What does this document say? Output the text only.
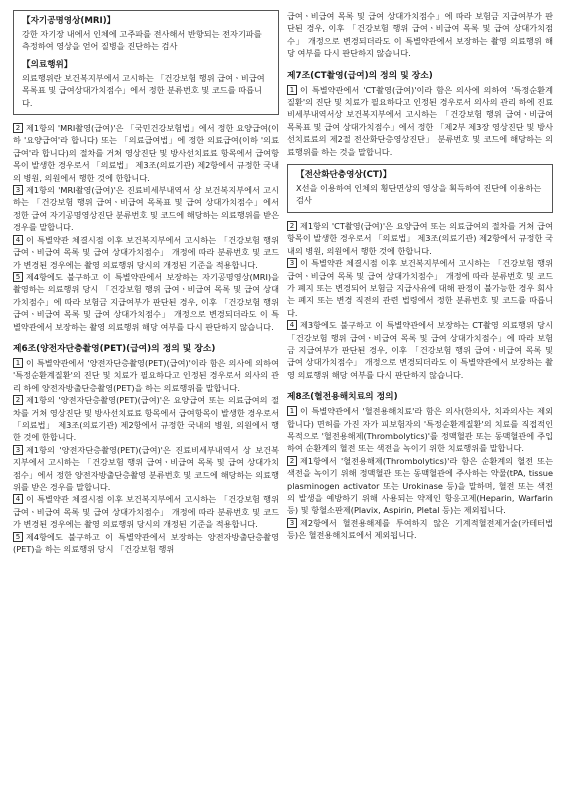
【자기공명영상(MRI)】

강한 자기장 내에서 인체에 고주파를 전사해서 반향되는 전자기파를 측정하여 영상을 얻어 질병을 진단하는 검사

【의료행위】

의료행위란 보건복지부에서 고시하는 「건강보험 행위 급여ㆍ비급여 목록표 및 급여상대가치점수」에서 정한 분류번호 및 코드를 따릅니다.

2 제1항의 'MRI촬영(급여)'은 「국민건강보험법」에서 정한 요양급여(이하 '요양급여'라 합니다) 또는 「의료급여법」에 정한 의료급여(이하 '의료급여'라 합니다)의 절차를 거쳐 영상진단 및 방사선치료료 항목에서 급여항목이 발생한 경우로서 「의료법」 제3조(의료기관) 제2항에서 규정한 국내의 병원, 의원에서 행한 것에 한합니다.

3 제1항의 'MRI촬영(급여)'은 진료비세부내역서 상 보건복지부에서 고시하는 「건강보험 행위 급여ㆍ비급여 목록표 및 급여 상대가치점수」에서 정한 급여 자기공명영상진단 분류번호 및 코드에 해당하는 의료행위를 받은 경우를 말합니다.

4 이 특별약관 체결시점 이후 보건복지부에서 고시하는 「건강보험 행위 급여ㆍ비급여 목록 및 급여 상대가치점수」 개정에 따라 분류번호 및 코드가 변경된 경우에는 촬영 의료행위 당시의 개정된 기준을 적용합니다.

5 제4항에도 불구하고 이 특별약관에서 보장하는 자기공명영상(MRI)을 촬영하는 의료행위 당시 「건강보험 행위 급여ㆍ비급여 목록 및 급여 상대가치점수」에 따라 보험금 지급여부가 판단된 경우, 이후 「건강보험 행위 급여ㆍ비급여 목록 및 급여 상대가치점수」 개정으로 변경되더라도 이 특별약관에서 보장하는 촬영 의료행위 해당 여부를 다시 판단하지 않습니다.

제6조(양전자단층촬영(PET)(급여)의 정의 및 장소)

1 이 특별약관에서 '양전자단층촬영(PET)(급여)'이라 함은 의사에 의하여 '특정순환계질환'의 진단 및 치료가 필요하다고 인정된 경우로서 의사의 관리 하에 양전자방출단층촬영(PET)을 하는 의료행위를 말합니다.

2 제1항의 '양전자단층촬영(PET)(급여)'은 요양급여 또는 의료급여의 절차를 거쳐 영상진단 및 방사선치료료 항목에서 급여항목이 발생한 경우로서 「의료법」 제3조(의료기관) 제2항에서 규정한 국내의 병원, 의원에서 행한 것에 한합니다.

3 제1항의 '양전자단층촬영(PET)(급여)'은 진료비세부내역서 상 보건복지부에서 고시하는 「건강보험 행위 급여ㆍ비급여 목록 및 급여 상대가치점수」에서 정한 양전자방출단층촬영 분류번호 및 코드에 해당하는 의료행위를 받은 경우를 말합니다.

4 이 특별약관 체결시점 이후 보건복지부에서 고시하는 「건강보험 행위 급여ㆍ비급여 목록 및 급여 상대가치점수」 개정에 따라 분류번호 및 코드가 변경된 경우에는 촬영 의료행위 당시의 개정된 기준을 적용합니다.

5 제4항에도 불구하고 이 특별약관에서 보장하는 양전자방출단층촬영(PET)을 하는 의료행위 당시 「건강보험 행위

급여ㆍ비급여 목록 및 급여 상대가치점수」에 따라 보험금 지급여부가 판단된 경우, 이후 「건강보험 행위 급여ㆍ비급여 목록 및 급여 상대가치점수」 개정으로 변경되더라도 이 특별약관에서 보장하는 촬영 의료행위 해당 여부를 다시 판단하지 않습니다.

제7조(CT촬영(급여)의 정의 및 장소)

1 이 특별약관에서 'CT촬영(급여)'이라 함은 의사에 의하여 '특정순환계질환'의 진단 및 치료가 필요하다고 인정된 경우로서 의사의 관리 하에 진료비세부내역서상 보건복지부에서 고시하는 「건강보험 행위 급여ㆍ비급여 목록표 및 급여 상대가치점수」에서 정한 「제2부 제3장 영상진단 및 방사선치료료의 제2절 전산화단층영상진단」 분류번호 및 코드에 해당하는 의료행위를 하는 것을 말합니다.

【전산화단층영상(CT)】

X선을 이용하여 인체의 횡단면상의 영상을 획득하여 진단에 이용하는 검사

2 제1항의 'CT촬영(급여)'은 요양급여 또는 의료급여의 절차를 거쳐 급여항목이 발생한 경우로서 「의료법」 제3조(의료기관) 제2항에서 규정한 국내의 병원, 의원에서 행한 것에 한합니다.

3 이 특별약관 체결시점 이후 보건복지부에서 고시하는 「건강보험 행위 급여ㆍ비급여 목록 및 급여 상대가치점수」 개정에 따라 분류번호 및 코드가 폐지 또는 변경되어 보험금 지급사유에 대해 판정이 불가능한 경우 회사는 폐지 또는 변경 직전의 관련 법령에서 정한 분류번호 및 코드를 따릅니다.

4 제3항에도 불구하고 이 특별약관에서 보장하는 CT촬영 의료행위 당시 「건강보험 행위 급여ㆍ비급여 목록 및 급여 상대가치점수」에 따라 보험금 지급여부가 판단된 경우, 이후 「건강보험 행위 급여ㆍ비급여 목록 및 급여 상대가치점수」 개정으로 변경되더라도 이 특별약관에서 보장하는 촬영 의료행위 해당 여부를 다시 판단하지 않습니다.

제8조(혈전용해치료의 정의)

1 이 특별약관에서 '혈전용해치료'라 함은 의사(한의사, 치과의사는 제외합니다) 면허를 가진 자가 피보험자의 '특정순환계질환'의 치료를 직접적인 목적으로 '혈전용해제(Thrombolytics)'를 정맥혈관 또는 동맥혈관에 주입하여 순환계의 혈전 또는 색전을 녹이기 위한 치료행위를 말합니다.

2 제1항에서 '혈전용해제(Thrombolytics)'라 함은 순환계의 혈전 또는 색전을 녹이기 위해 정맥혈관 또는 동맥혈관에 주사하는 약물(tPA, tissue plasminogen activator 또는 Urokinase 등)을 말하며, 혈전 또는 색전의 발생을 예방하기 위해 사용되는 약제인 항응고제(Heparin, Warfarin 등) 및 항혈소판제(Plavix, Aspirin, Pletal 등)는 제외됩니다.

3 제2항에서 혈전용해제를 투여하지 않은 기계적혈전제거술(카테터법 등)은 혈전용해치료에서 제외됩니다.
